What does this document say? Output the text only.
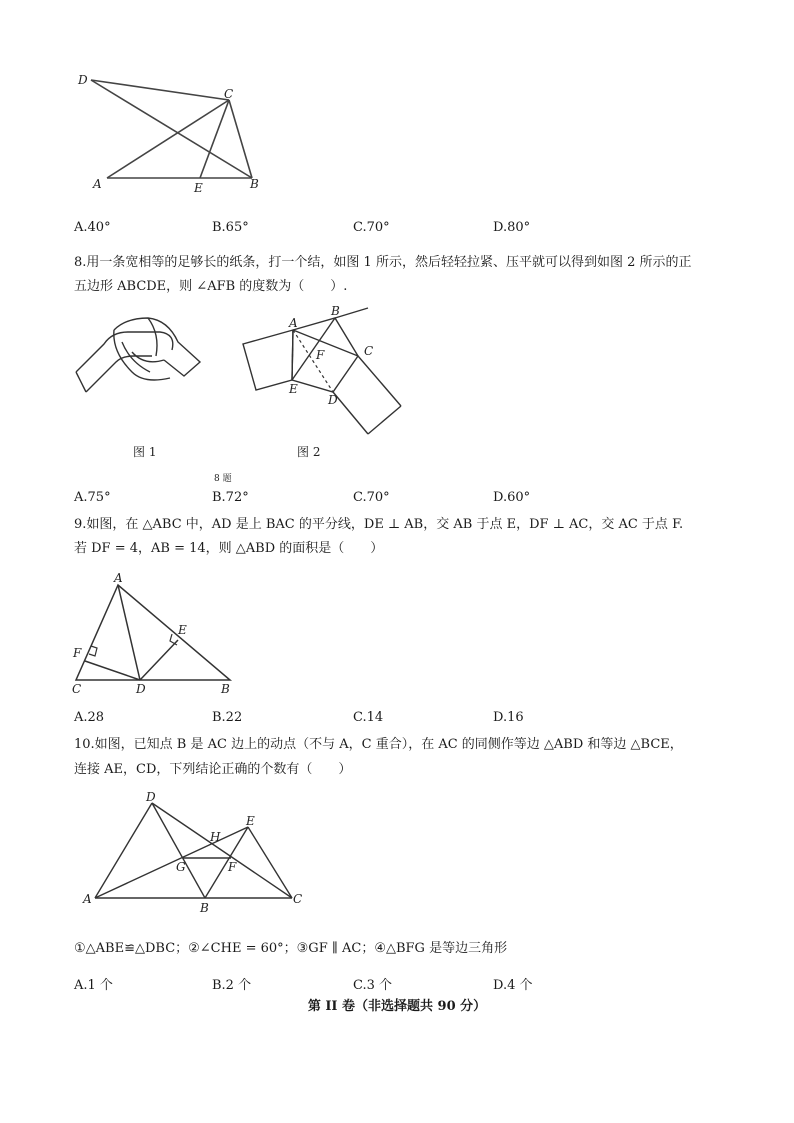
D
C
A	E	B
A.40°	B.65°	C.70°	D.80°
8.用一条宽相等的足够长的纸条，打一个结，如图 1 所示，然后轻轻拉紧、压平就可以得到如图 2 所示的正
五边形 ABCDE，则 ∠AFB 的度数为（　　）.
图 1
A
B
C
F
E
D
图 2
8 题
A.75°	B.72°	C.70°	D.60°
9.如图，在 △ABC 中，AD 是上 BAC 的平分线，DE ⊥ AB，交 AB 于点 E，DF ⊥ AC，交 AC 于点 F.
若 DF = 4，AB = 14，则 △ABD 的面积是（　　）
A
E
F
C	D	B
A.28	B.22	C.14	D.16
10.如图，已知点 B 是 AC 边上的动点（不与 A，C 重合），在 AC 的同侧作等边 △ABD 和等边 △BCE，
连接 AE，CD，下列结论正确的个数有（　　）
D
E
H
G	F
A
B
C
①△ABE≌△DBC；②∠CHE = 60°；③GF ∥ AC；④△BFG 是等边三角形
A.1 个	B.2 个	C.3 个	D.4 个
第 II 卷（非选择题共 90 分）
